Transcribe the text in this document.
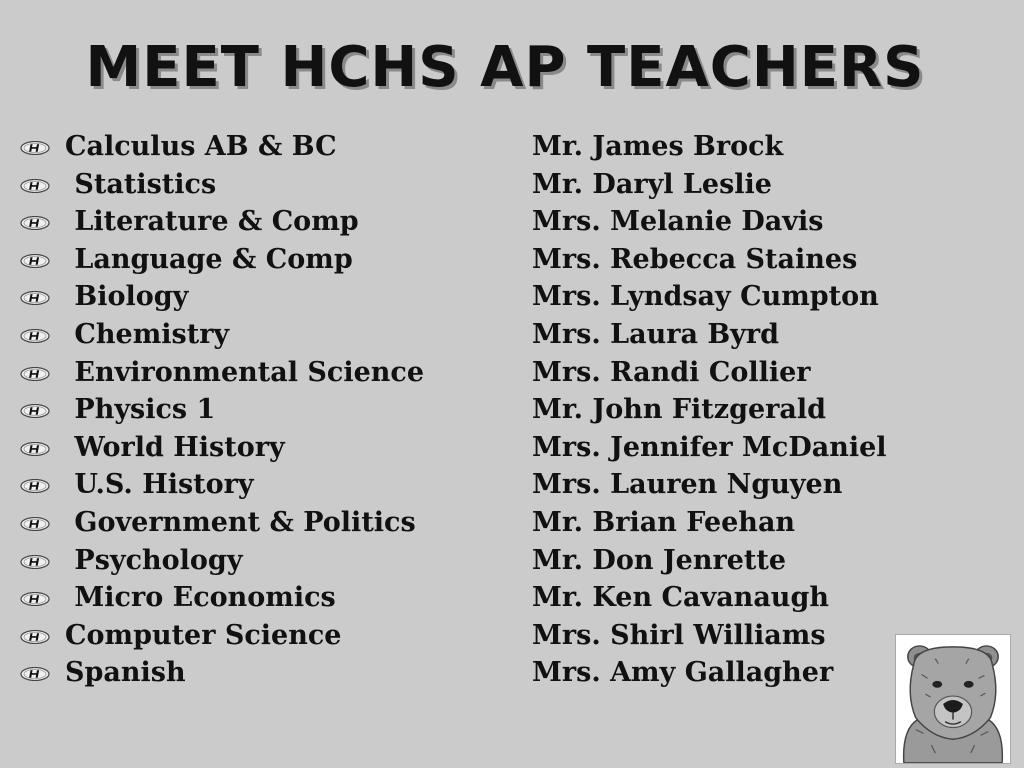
MEET HCHS AP TEACHERS
Calculus AB & BC	Mr. James Brock
Statistics	Mr. Daryl Leslie
Literature & Comp	Mrs. Melanie Davis
Language & Comp	Mrs. Rebecca Staines
Biology	Mrs. Lyndsay Cumpton
Chemistry	Mrs. Laura Byrd
Environmental Science	Mrs. Randi Collier
Physics 1	Mr. John Fitzgerald
World History	Mrs. Jennifer McDaniel
U.S. History	Mrs. Lauren Nguyen
Government & Politics	Mr. Brian Feehan
Psychology	Mr. Don Jenrette
Micro Economics	Mr. Ken Cavanaugh
Computer Science	Mrs. Shirl Williams
Spanish	Mrs. Amy Gallagher
